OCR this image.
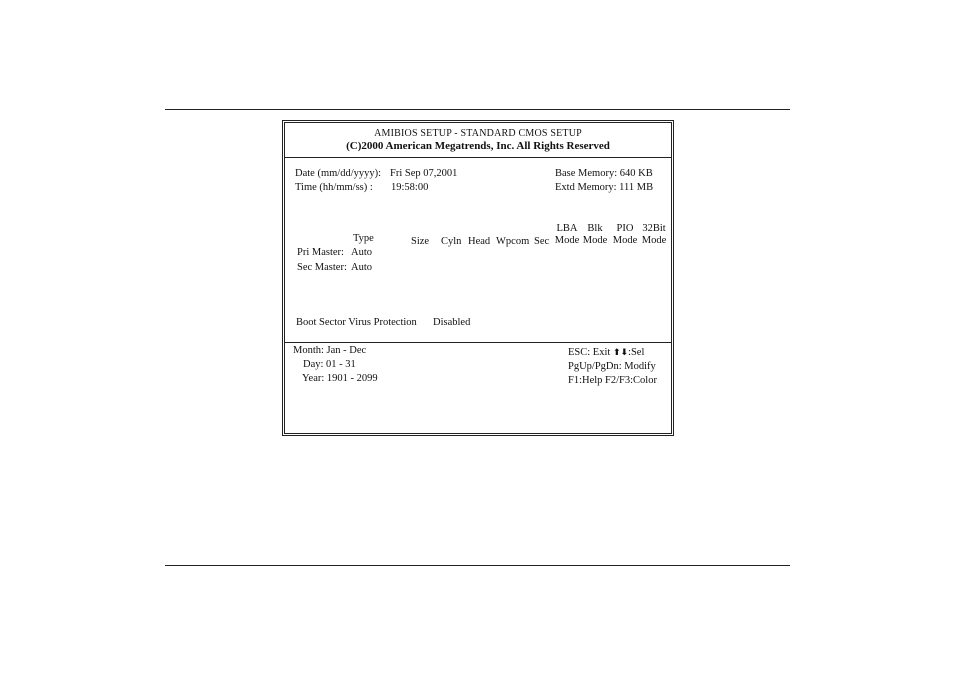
AMIBIOS SETUP - STANDARD CMOS SETUP
(C)2000 American Megatrends, Inc. All Rights Reserved
Date (mm/dd/yyyy): Fri Sep 07,2001
Time (hh/mm/ss) : 19:58:00
Base Memory: 640 KB
Extd Memory: 111 MB
Type	Size Cyln Head Wpcom Sec
LBA
Mode
Blk
Mode
PIO
Mode
32Bit
Mode
Pri Master: Auto
Sec Master: Auto
Boot Sector Virus Protection Disabled
Month: Jan - Dec
Day: 01 - 31
Year: 1901 - 2099
ESC: Exit ⬆⬇:Sel
PgUp/PgDn: Modify
F1:Help F2/F3:Color
